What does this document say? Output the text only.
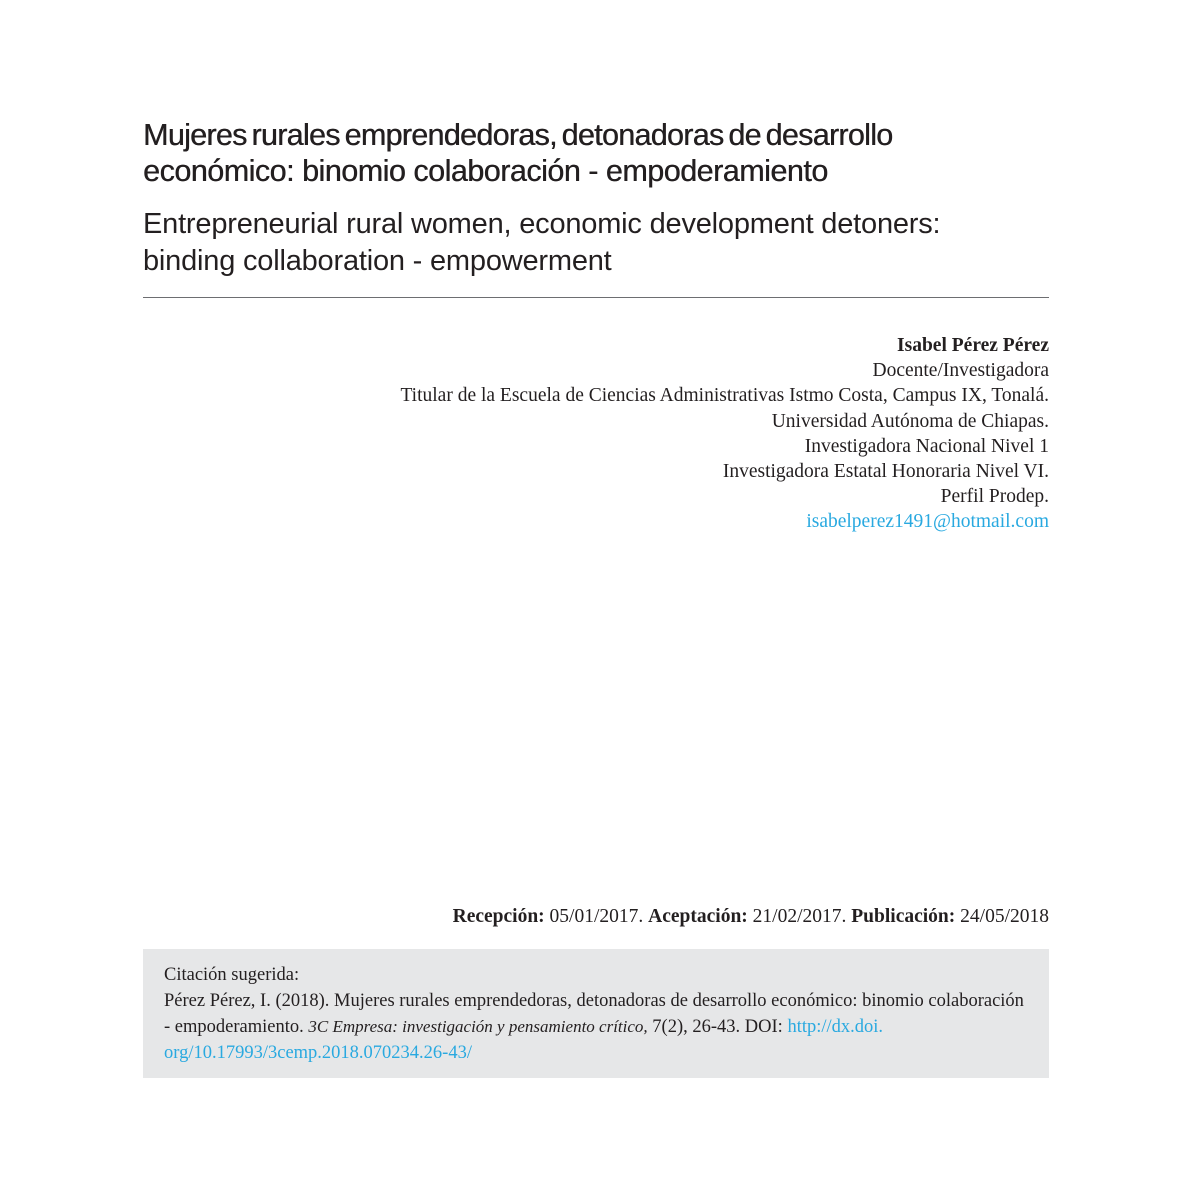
Mujeres rurales emprendedoras, detonadoras de desarrollo
económico: binomio colaboración - empoderamiento
Entrepreneurial rural women, economic development detoners:
binding collaboration - empowerment
Isabel Pérez Pérez
Docente/Investigadora
Titular de la Escuela de Ciencias Administrativas Istmo Costa, Campus IX, Tonalá.
Universidad Autónoma de Chiapas.
Investigadora Nacional Nivel 1
Investigadora Estatal Honoraria Nivel VI.
Perfil Prodep.
isabelperez1491@hotmail.com
Recepción: 05/01/2017. Aceptación: 21/02/2017. Publicación: 24/05/2018
Citación sugerida:
Pérez Pérez, I. (2018). Mujeres rurales emprendedoras, detonadoras de desarrollo económico: binomio colaboración - empoderamiento. 3C Empresa: investigación y pensamiento crítico, 7(2), 26-43. DOI: http://dx.doi.
org/10.17993/3cemp.2018.070234.26-43/
